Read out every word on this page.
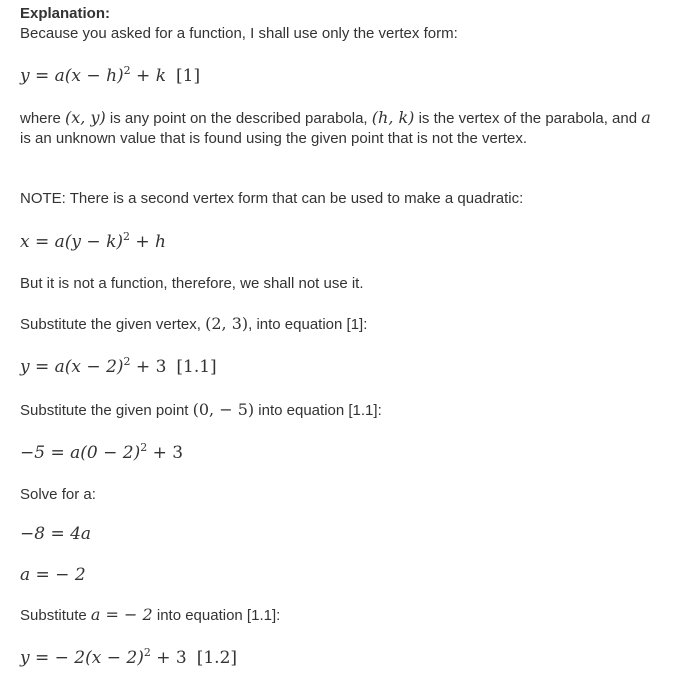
Explanation:
Because you asked for a function, I shall use only the vertex form:
$y = a(x - h)^2 + k$ [1]
where (x, y) is any point on the described parabola, (h, k) is the vertex of the parabola, and a is an unknown value that is found using the given point that is not the vertex.
NOTE: There is a second vertex form that can be used to make a quadratic:
$x = a(y - k)^2 + h$
But it is not a function, therefore, we shall not use it.
Substitute the given vertex, (2, 3), into equation [1]:
$y = a(x - 2)^2 + 3$ [1.1]
Substitute the given point (0, − 5) into equation [1.1]:
$-5 = a(0 - 2)^2 + 3$
Solve for a:
−8 = 4a
a = − 2
Substitute a = − 2 into equation [1.1]:
y = − $2(x - 2)^2 + 3$ [1.2]
